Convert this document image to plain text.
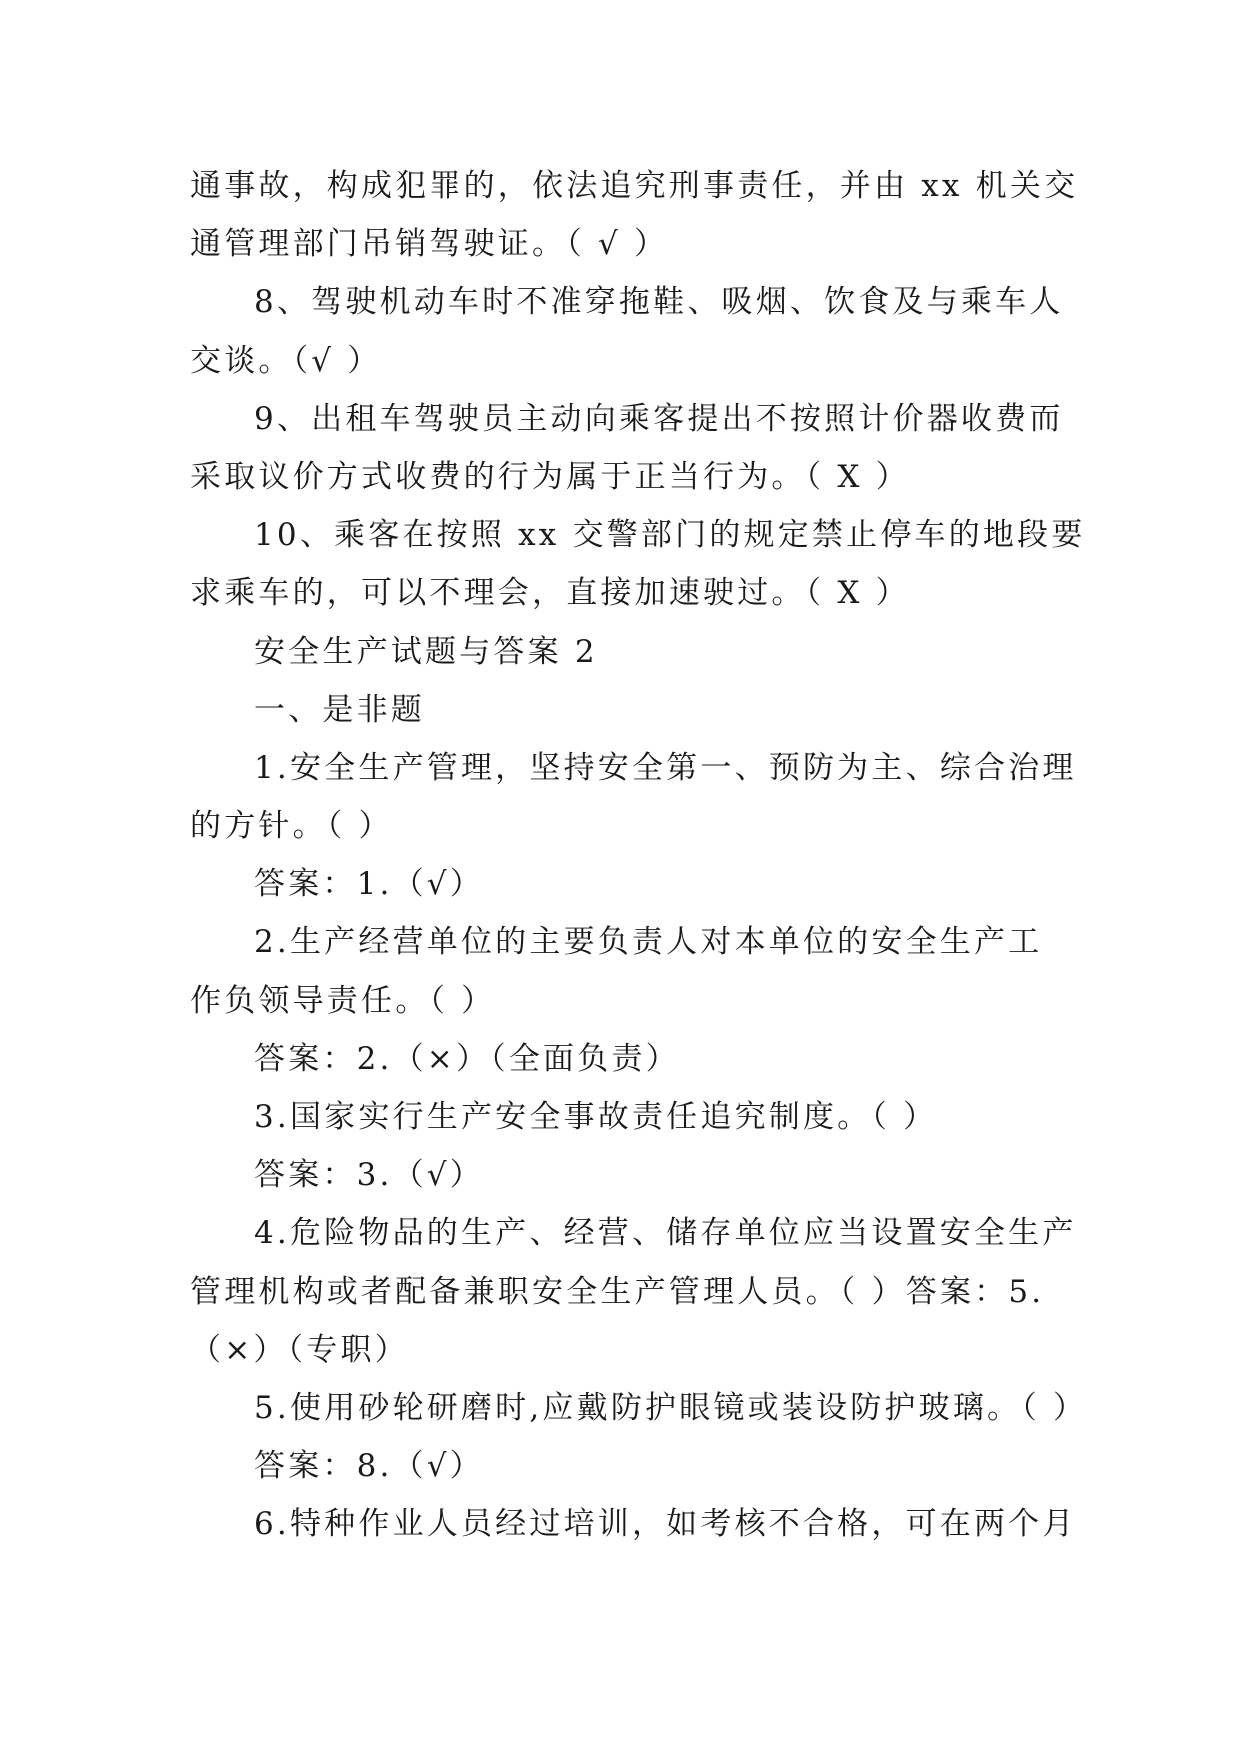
通事故，构成犯罪的，依法追究刑事责任，并由 xx 机关交
通管理部门吊销驾驶证。（ √ ）
8、驾驶机动车时不准穿拖鞋、吸烟、饮食及与乘车人
交谈。（√ ）
9、出租车驾驶员主动向乘客提出不按照计价器收费而
采取议价方式收费的行为属于正当行为。（ X ）
10、乘客在按照 xx 交警部门的规定禁止停车的地段要
求乘车的，可以不理会，直接加速驶过。（ X ）
安全生产试题与答案 2
一、是非题
1.安全生产管理，坚持安全第一、预防为主、综合治理
的方针。（ ）
答案：1.（√）
2.生产经营单位的主要负责人对本单位的安全生产工
作负领导责任。（ ）
答案：2.（×）（全面负责）
3.国家实行生产安全事故责任追究制度。（ ）
答案：3.（√）
4.危险物品的生产、经营、储存单位应当设置安全生产
管理机构或者配备兼职安全生产管理人员。（ ）答案：5.
（×）（专职）
5.使用砂轮研磨时,应戴防护眼镜或装设防护玻璃。（ ）
答案：8.（√）
6.特种作业人员经过培训，如考核不合格，可在两个月
